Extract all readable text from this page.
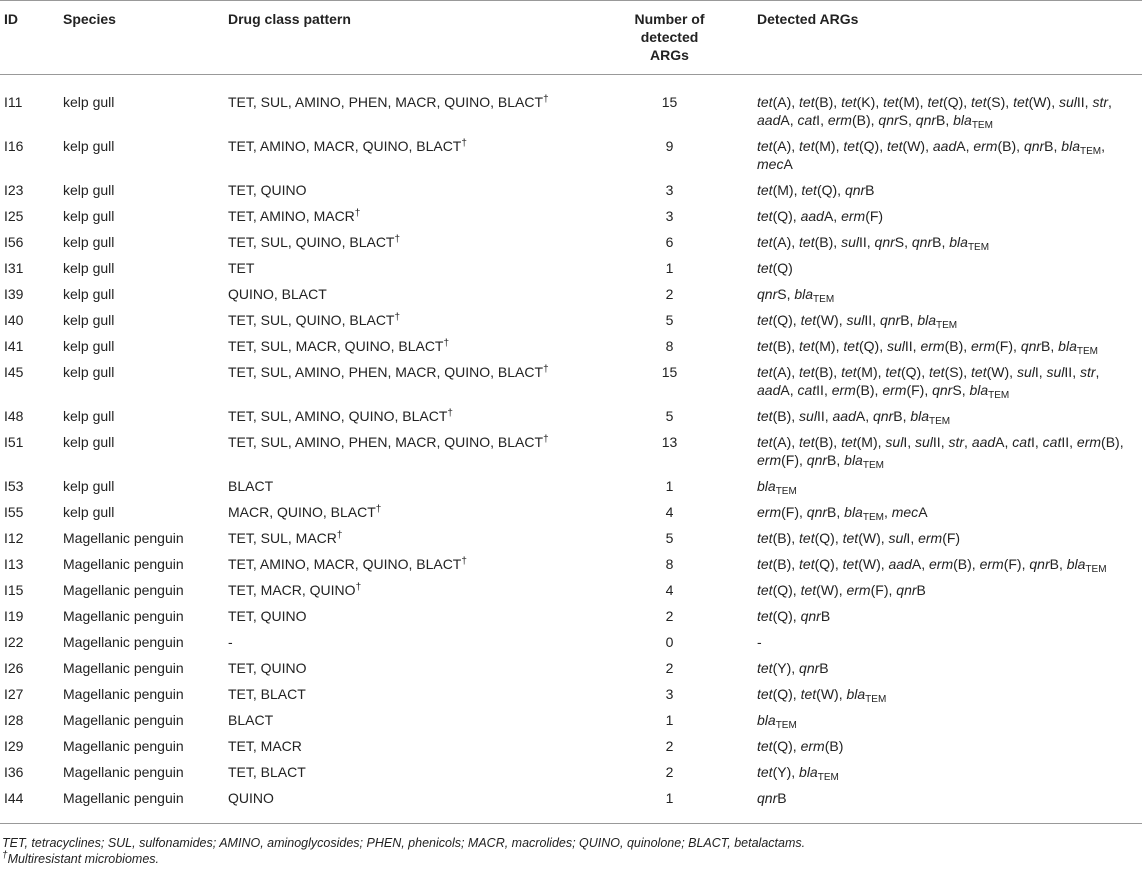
ID	Species	Drug class pattern	Number of detected ARGs	Detected ARGs
I11	kelp gull	TET, SUL, AMINO, PHEN, MACR, QUINO, BLACT†	15	tet(A), tet(B), tet(K), tet(M), tet(Q), tet(S), tet(W), sulII, str, aadA, catI, erm(B), qnrS, qnrB, bla$_{TEM}$
I16	kelp gull	TET, AMINO, MACR, QUINO, BLACT†	9	tet(A), tet(M), tet(Q), tet(W), aadA, erm(B), qnrB, bla$_{TEM}$, mecA
I23	kelp gull	TET, QUINO	3	tet(M), tet(Q), qnrB
I25	kelp gull	TET, AMINO, MACR†	3	tet(Q), aadA, erm(F)
I56	kelp gull	TET, SUL, QUINO, BLACT†	6	tet(A), tet(B), sulII, qnrS, qnrB, bla$_{TEM}$
I31	kelp gull	TET	1	tet(Q)
I39	kelp gull	QUINO, BLACT	2	qnrS, bla$_{TEM}$
I40	kelp gull	TET, SUL, QUINO, BLACT†	5	tet(Q), tet(W), sulII, qnrB, bla$_{TEM}$
I41	kelp gull	TET, SUL, MACR, QUINO, BLACT†	8	tet(B), tet(M), tet(Q), sulII, erm(B), erm(F), qnrB, bla$_{TEM}$
I45	kelp gull	TET, SUL, AMINO, PHEN, MACR, QUINO, BLACT†	15	tet(A), tet(B), tet(M), tet(Q), tet(S), tet(W), sulI, sulII, str, aadA, catII, erm(B), erm(F), qnrS, bla$_{TEM}$
I48	kelp gull	TET, SUL, AMINO, QUINO, BLACT†	5	tet(B), sulII, aadA, qnrB, bla$_{TEM}$
I51	kelp gull	TET, SUL, AMINO, PHEN, MACR, QUINO, BLACT†	13	tet(A), tet(B), tet(M), sulI, sulII, str, aadA, catI, catII, erm(B), erm(F), qnrB, bla$_{TEM}$
I53	kelp gull	BLACT	1	bla$_{TEM}$
I55	kelp gull	MACR, QUINO, BLACT†	4	erm(F), qnrB, bla$_{TEM}$, mecA
I12	Magellanic penguin	TET, SUL, MACR†	5	tet(B), tet(Q), tet(W), sulI, erm(F)
I13	Magellanic penguin	TET, AMINO, MACR, QUINO, BLACT†	8	tet(B), tet(Q), tet(W), aadA, erm(B), erm(F), qnrB, bla$_{TEM}$
I15	Magellanic penguin	TET, MACR, QUINO†	4	tet(Q), tet(W), erm(F), qnrB
I19	Magellanic penguin	TET, QUINO	2	tet(Q), qnrB
I22	Magellanic penguin	-	0	-
I26	Magellanic penguin	TET, QUINO	2	tet(Y), qnrB
I27	Magellanic penguin	TET, BLACT	3	tet(Q), tet(W), bla$_{TEM}$
I28	Magellanic penguin	BLACT	1	bla$_{TEM}$
I29	Magellanic penguin	TET, MACR	2	tet(Q), erm(B)
I36	Magellanic penguin	TET, BLACT	2	tet(Y), bla$_{TEM}$
I44	Magellanic penguin	QUINO	1	qnrB
TET, tetracyclines; SUL, sulfonamides; AMINO, aminoglycosides; PHEN, phenicols; MACR, macrolides; QUINO, quinolone; BLACT, betalactams.
†Multiresistant microbiomes.
